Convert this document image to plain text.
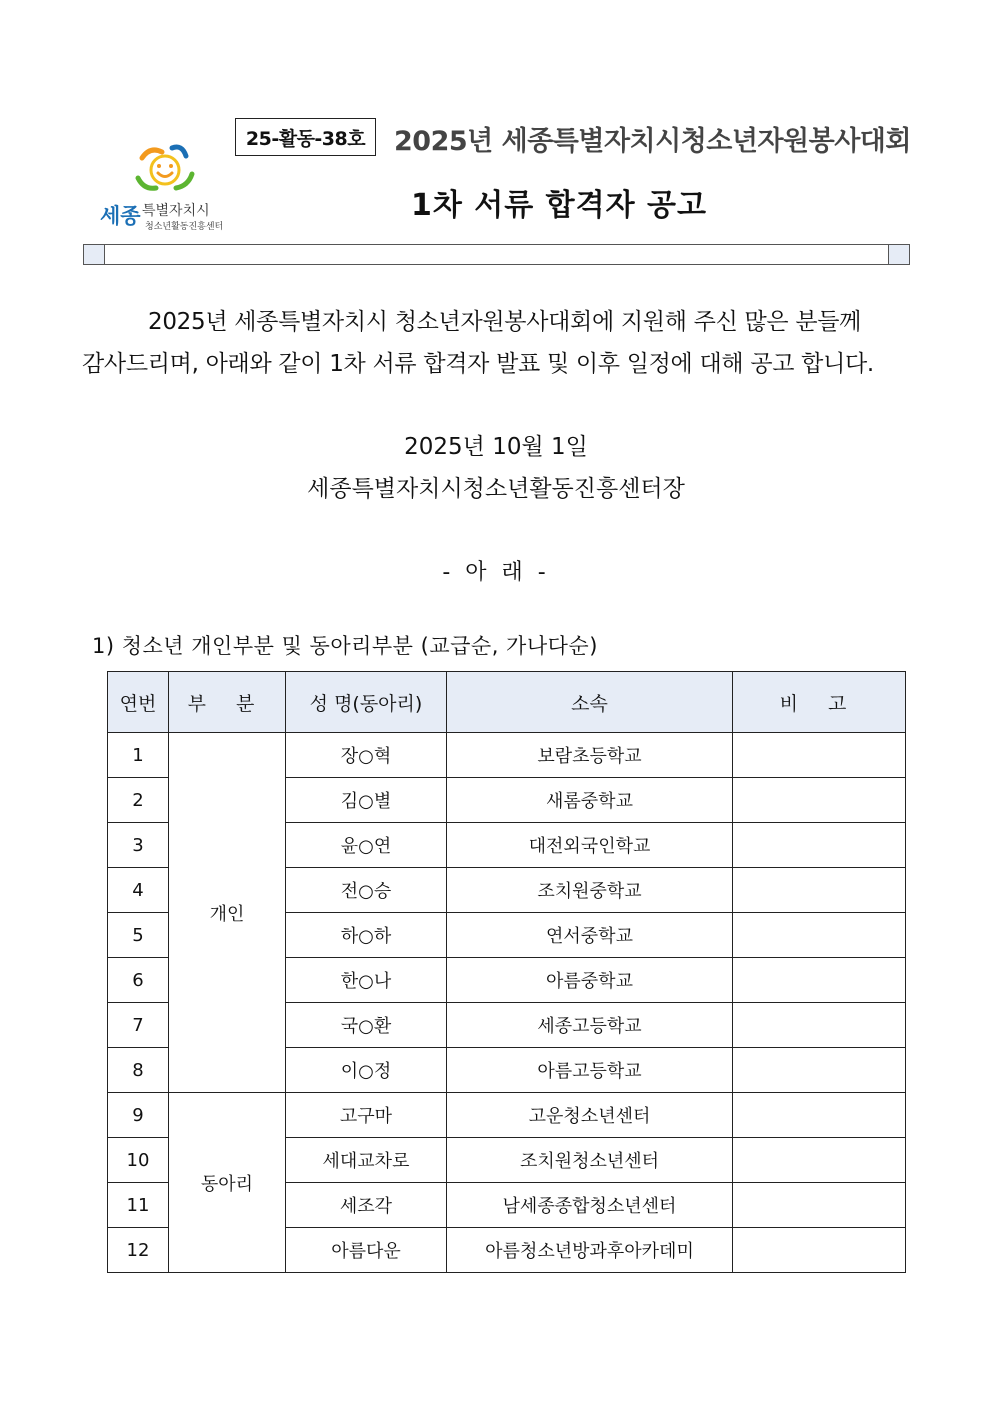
25-활동-38호	2025년 세종특별자치시청소년자원봉사대회
1차 서류 합격자 공고
세종 특별자치시
청소년활동진흥센터
2025년 세종특별자치시 청소년자원봉사대회에 지원해 주신 많은 분들께
감사드리며, 아래와 같이 1차 서류 합격자 발표 및 이후 일정에 대해 공고 합니다.
2025년 10월 1일
세종특별자치시청소년활동진흥센터장
- 아 래 -
1) 청소년 개인부분 및 동아리부분 (교급순, 가나다순)
연번	부 분	성 명(동아리)	소속	비 고
1	개인	장○혁	보람초등학교	
2		김○별	새롬중학교	
3		윤○연	대전외국인학교	
4		전○승	조치원중학교	
5		하○하	연서중학교	
6		한○나	아름중학교	
7		국○환	세종고등학교	
8		이○정	아름고등학교	
9	동아리	고구마	고운청소년센터	
10		세대교차로	조치원청소년센터	
11		세조각	남세종종합청소년센터	
12		아름다운	아름청소년방과후아카데미	
